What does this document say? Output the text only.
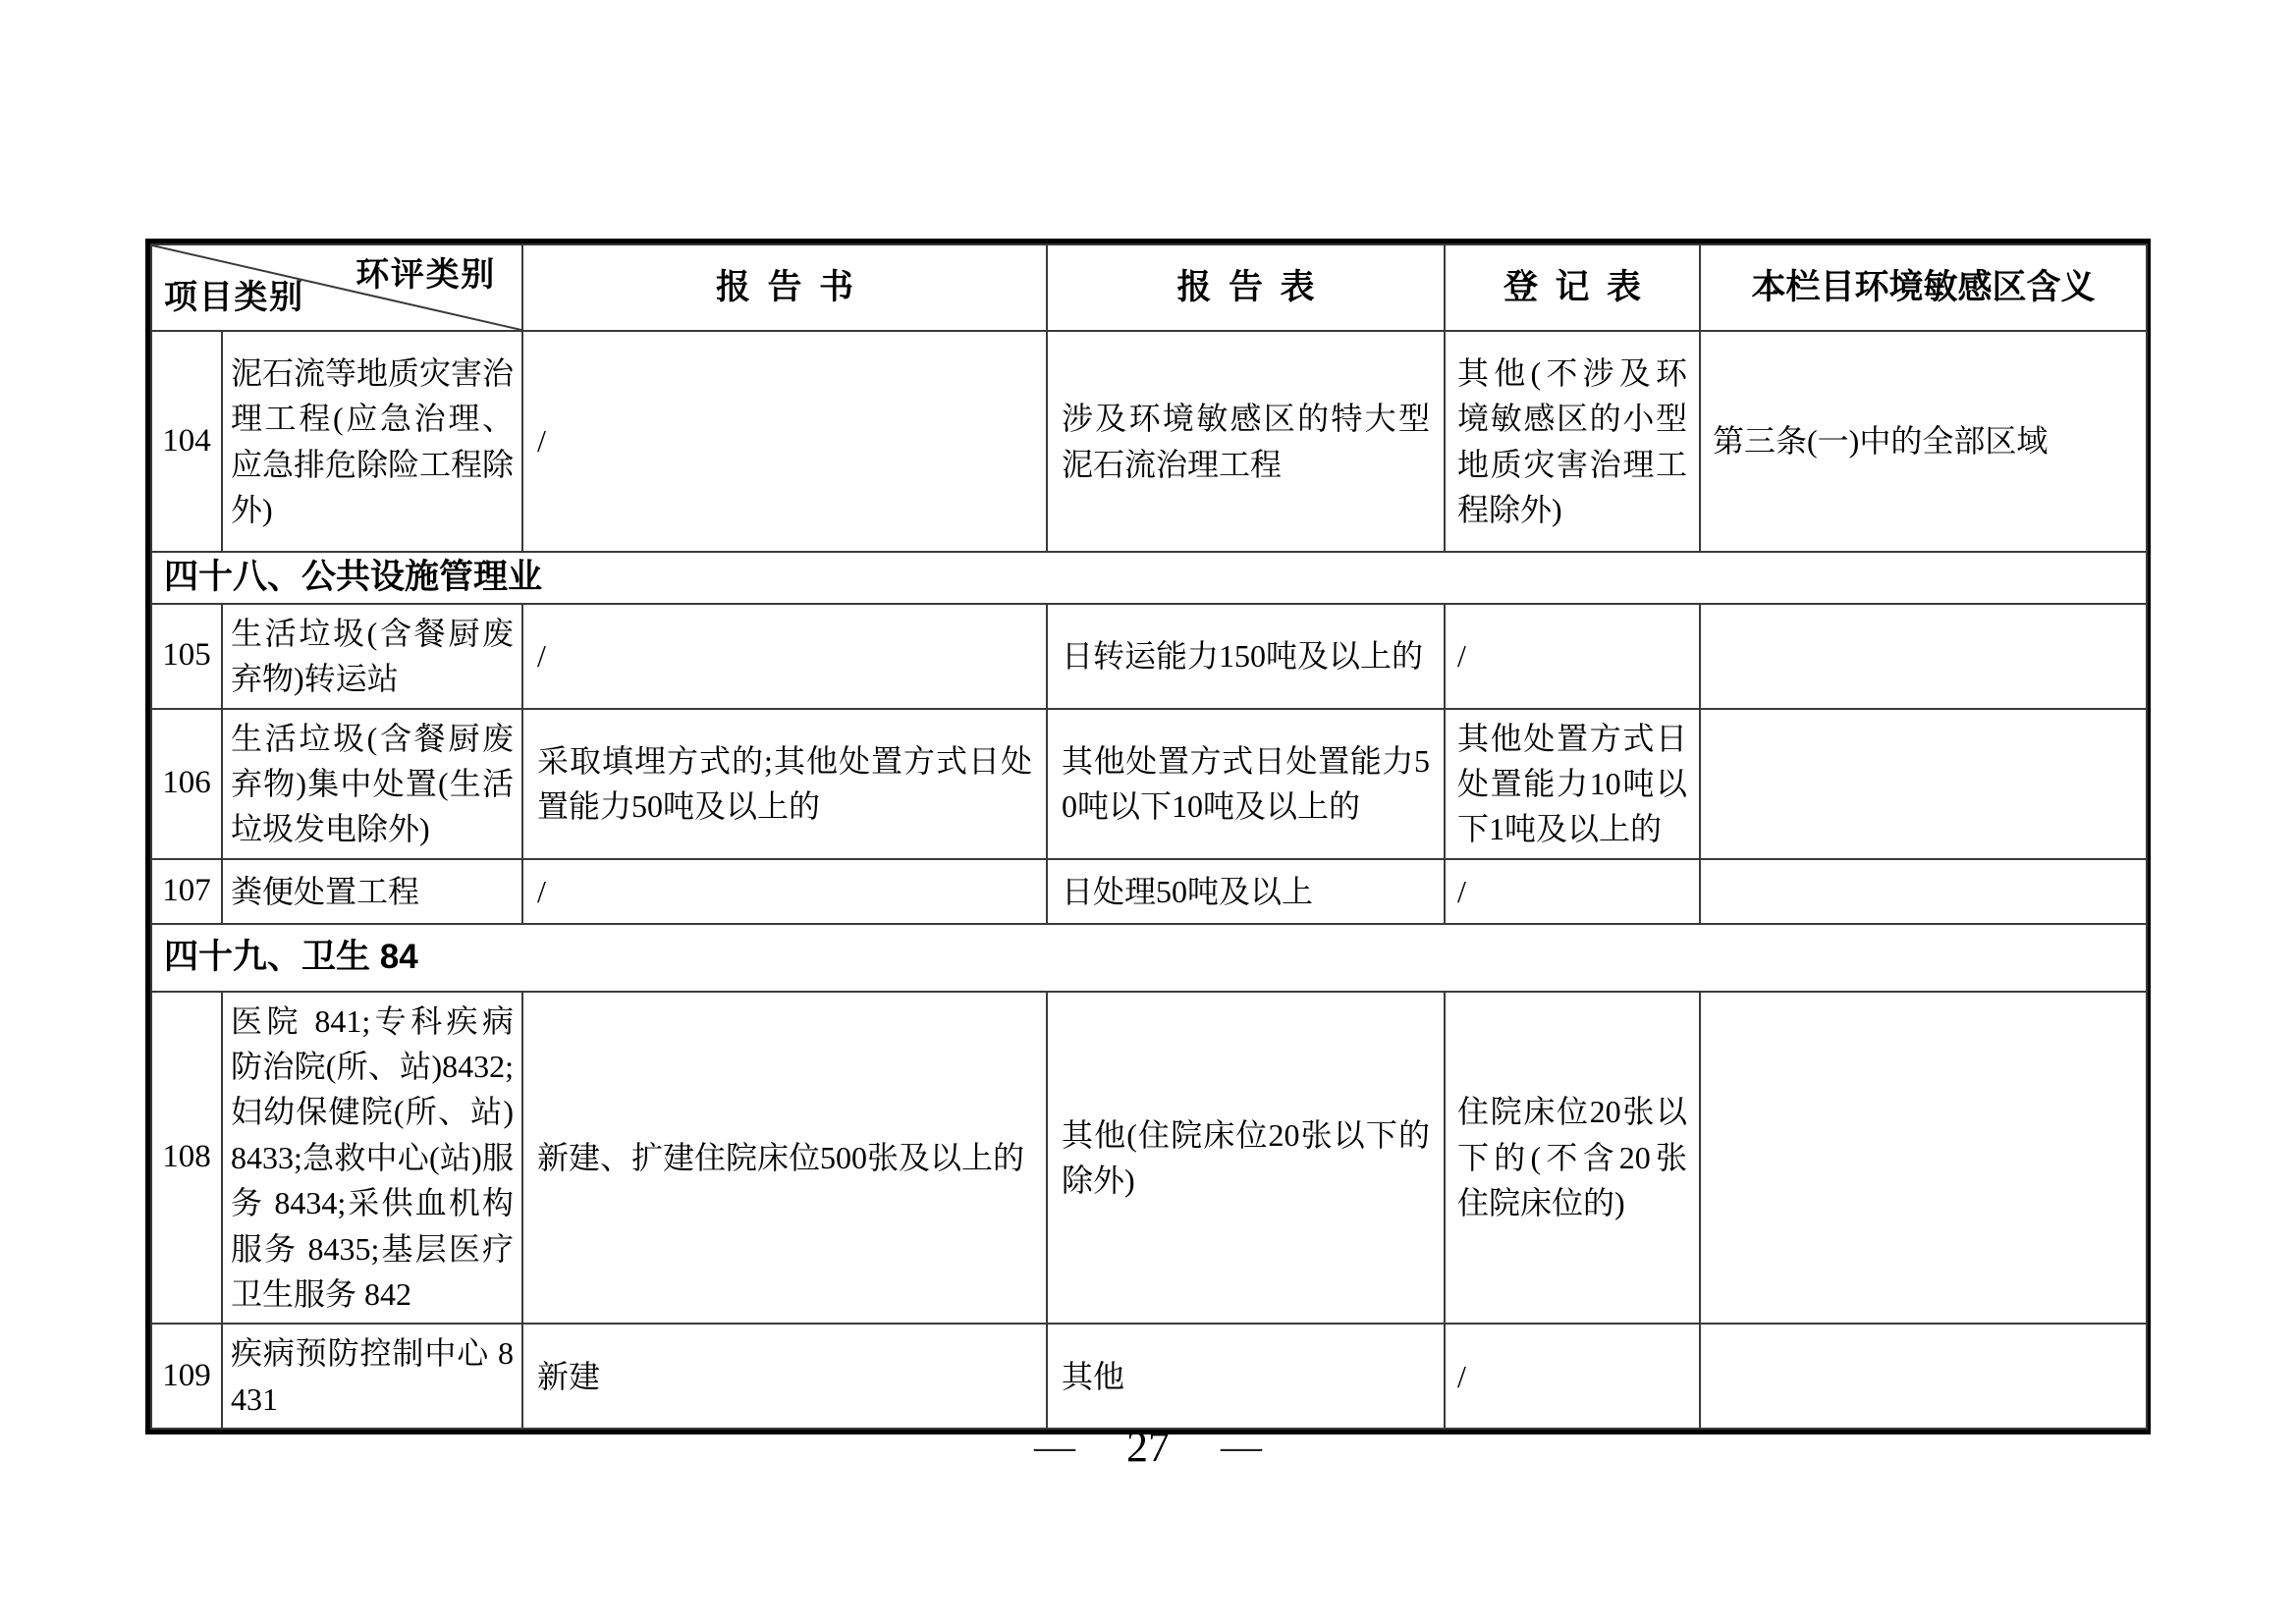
环评类别
项目类别		报告书	报告表	登记表	本栏目环境敏感区含义
104	泥石流等地质灾害治理工程(应急治理、应急排危除险工程除外)	/	涉及环境敏感区的特大型泥石流治理工程	其他(不涉及环境敏感区的小型地质灾害治理工程除外)	第三条(一)中的全部区域
四十八、公共设施管理业					
105	生活垃圾(含餐厨废弃物)转运站	/	日转运能力150吨及以上的	/	
106	生活垃圾(含餐厨废弃物)集中处置(生活垃圾发电除外)	采取填埋方式的;其他处置方式日处置能力50吨及以上的	其他处置方式日处置能力50吨以下10吨及以上的	其他处置方式日处置能力10吨以下1吨及以上的	
107	粪便处置工程	/	日处理50吨及以上	/	
四十九、卫生 84					
108	医院 841;专科疾病防治院(所、站)8432;妇幼保健院(所、站)8433;急救中心(站)服务 8434;采供血机构服务 8435;基层医疗卫生服务 842	新建、扩建住院床位500张及以上的	其他(住院床位20张以下的除外)	住院床位20张以下的(不含20张住院床位的)	
109	疾病预防控制中心 8431	新建	其他	/	
— 27 —
